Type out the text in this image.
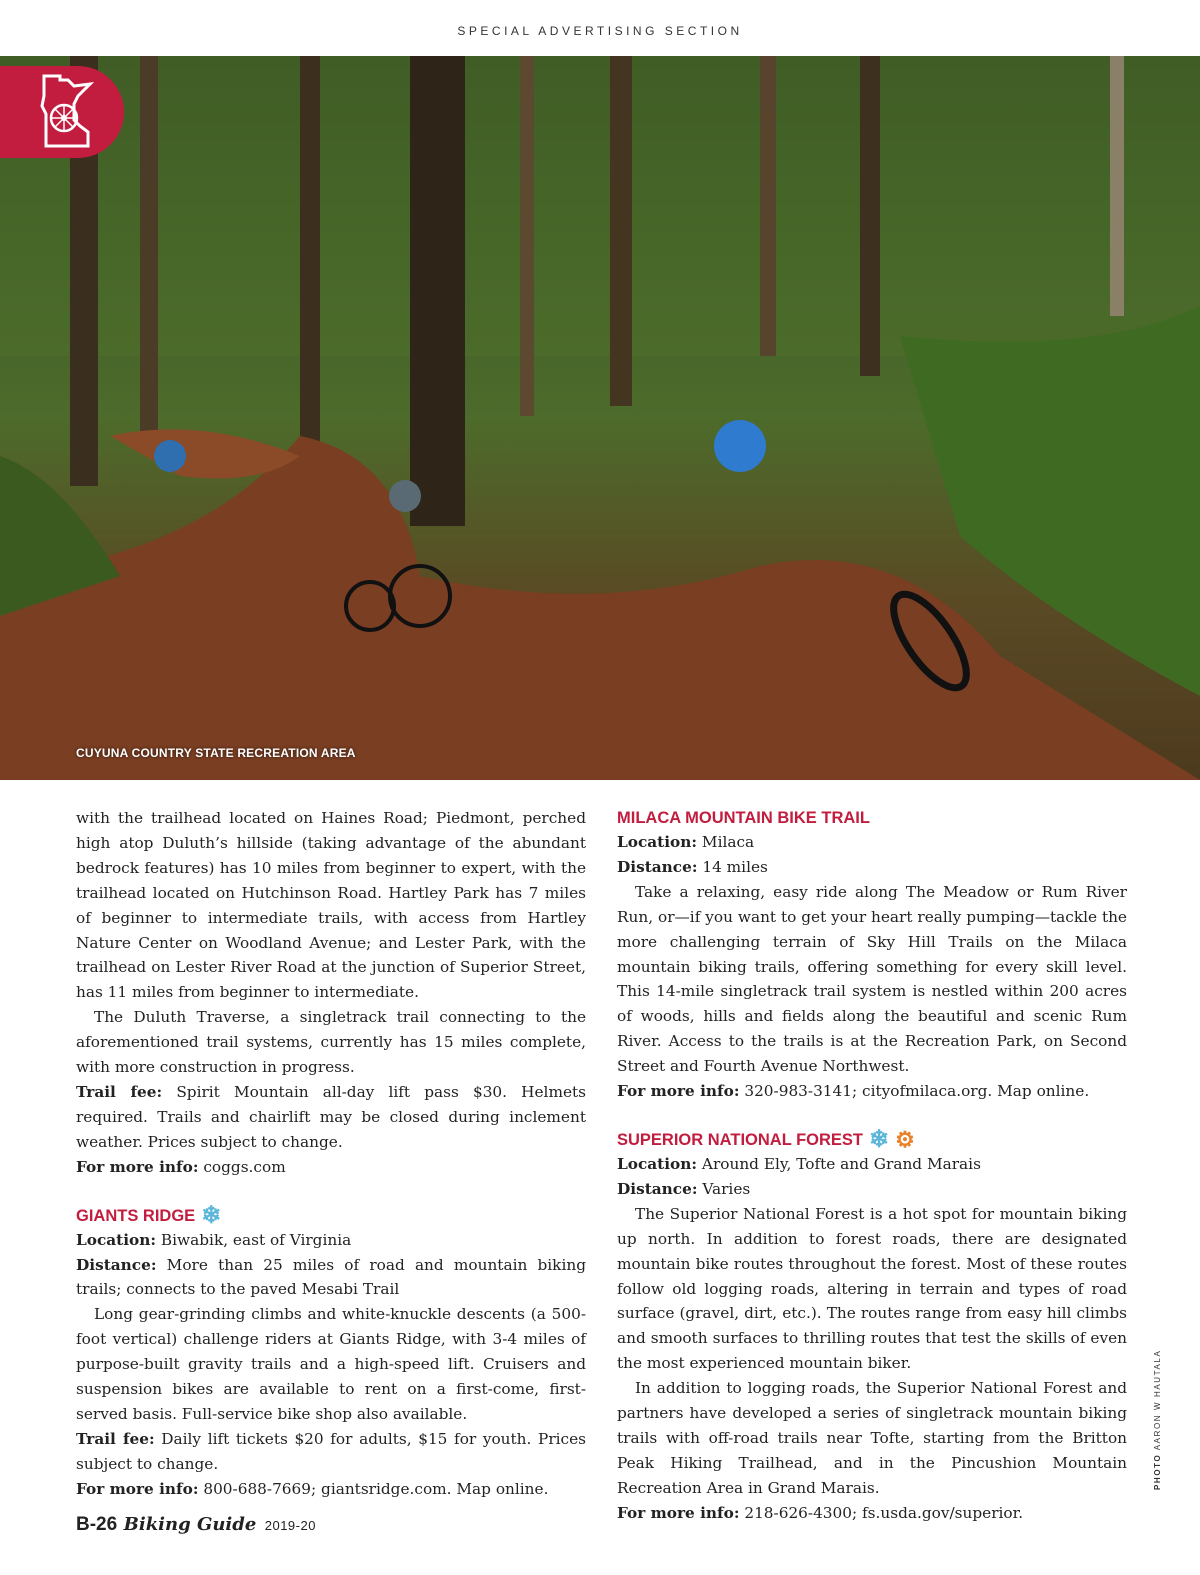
SPECIAL ADVERTISING SECTION
CUYUNA COUNTRY STATE RECREATION AREA

with the trailhead located on Haines Road; Piedmont, perched high atop Duluth’s hillside (taking advantage of the abundant bedrock features) has 10 miles from beginner to expert, with the trailhead located on Hutchinson Road. Hartley Park has 7 miles of beginner to intermediate trails, with access from Hartley Nature Center on Woodland Avenue; and Lester Park, with the trailhead on Lester River Road at the junction of Superior Street, has 11 miles from beginner to intermediate.

The Duluth Traverse, a singletrack trail connecting to the aforementioned trail systems, currently has 15 miles complete, with more construction in progress.

Trail fee: Spirit Mountain all-day lift pass $30. Helmets required. Trails and chairlift may be closed during inclement weather. Prices subject to change.

For more info: coggs.com

GIANTS RIDGE ❄

Location: Biwabik, east of Virginia

Distance: More than 25 miles of road and mountain biking trails; connects to the paved Mesabi Trail

Long gear-grinding climbs and white-knuckle descents (a 500-foot vertical) challenge riders at Giants Ridge, with 3-4 miles of purpose-built gravity trails and a high-speed lift. Cruisers and suspension bikes are available to rent on a first-come, first-served basis. Full-service bike shop also available.

Trail fee: Daily lift tickets $20 for adults, $15 for youth. Prices subject to change.

For more info: 800-688-7669; giantsridge.com. Map online.

MILACA MOUNTAIN BIKE TRAIL

Location: Milaca

Distance: 14 miles

Take a relaxing, easy ride along The Meadow or Rum River Run, or—if you want to get your heart really pumping—tackle the more challenging terrain of Sky Hill Trails on the Milaca mountain biking trails, offering something for every skill level. This 14-mile singletrack trail system is nestled within 200 acres of woods, hills and fields along the beautiful and scenic Rum River. Access to the trails is at the Recreation Park, on Second Street and Fourth Avenue Northwest.

For more info: 320-983-3141; cityofmilaca.org. Map online.

SUPERIOR NATIONAL FOREST ❄ ⚙

Location: Around Ely, Tofte and Grand Marais

Distance: Varies

The Superior National Forest is a hot spot for mountain biking up north. In addition to forest roads, there are designated mountain bike routes throughout the forest. Most of these routes follow old logging roads, altering in terrain and types of road surface (gravel, dirt, etc.). The routes range from easy hill climbs and smooth surfaces to thrilling routes that test the skills of even the most experienced mountain biker.

In addition to logging roads, the Superior National Forest and partners have developed a series of singletrack mountain biking trails with off-road trails near Tofte, starting from the Britton Peak Hiking Trailhead, and in the Pincushion Mountain Recreation Area in Grand Marais.

For more info: 218-626-4300; fs.usda.gov/superior.

B-26 Biking Guide 2019-20
PHOTO AARON W HAUTALA
